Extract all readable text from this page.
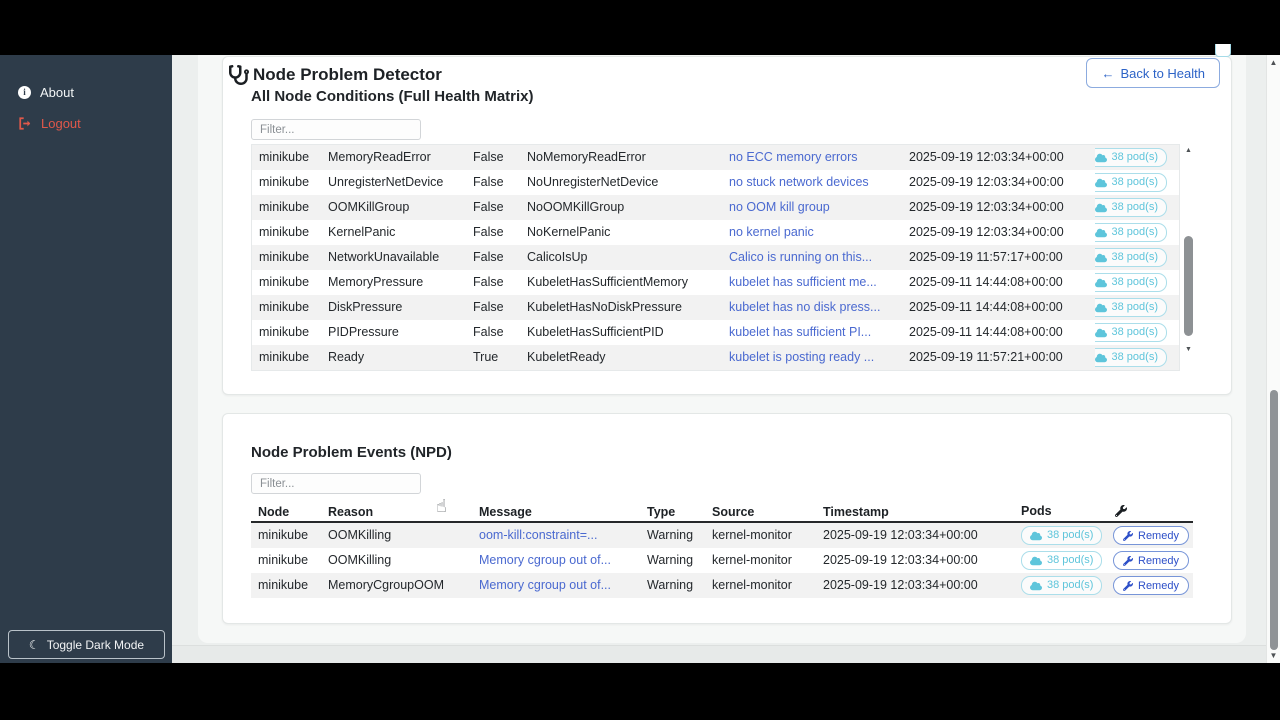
i	About
Logout
☾ Toggle Dark Mode
Node Problem Detector	← Back to Health
All Node Conditions (Full Health Matrix)
Filter...
minikube	MemoryReadError	False	NoMemoryReadError	no ECC memory errors	2025-09-19 12:03:34+00:00	38 pod(s)
minikube	UnregisterNetDevice	False	NoUnregisterNetDevice	no stuck network devices	2025-09-19 12:03:34+00:00	38 pod(s)
minikube	OOMKillGroup	False	NoOOMKillGroup	no OOM kill group	2025-09-19 12:03:34+00:00	38 pod(s)
minikube	KernelPanic	False	NoKernelPanic	no kernel panic	2025-09-19 12:03:34+00:00	38 pod(s)
minikube	NetworkUnavailable	False	CalicoIsUp	Calico is running on this...	2025-09-19 11:57:17+00:00	38 pod(s)
minikube	MemoryPressure	False	KubeletHasSufficientMemory	kubelet has sufficient me...	2025-09-11 14:44:08+00:00	38 pod(s)
minikube	DiskPressure	False	KubeletHasNoDiskPressure	kubelet has no disk press...	2025-09-11 14:44:08+00:00	38 pod(s)
minikube	PIDPressure	False	KubeletHasSufficientPID	kubelet has sufficient PI...	2025-09-11 14:44:08+00:00	38 pod(s)
minikube	Ready	True	KubeletReady	kubelet is posting ready ...	2025-09-19 11:57:21+00:00	38 pod(s)
▲
▼
Node Problem Events (NPD)
Filter...
Node	Reason	Message	Type	Source	Timestamp	Pods
minikube	OOMKilling	oom-kill:constraint=...	Warning	kernel-monitor	2025-09-19 12:03:34+00:00	38 pod(s)	Remedy
minikube	OOMKilling	Memory cgroup out of...	Warning	kernel-monitor	2025-09-19 12:03:34+00:00	38 pod(s)	Remedy
minikube	MemoryCgroupOOM	Memory cgroup out of...	Warning	kernel-monitor	2025-09-19 12:03:34+00:00	38 pod(s)	Remedy
▲
▼
☝
